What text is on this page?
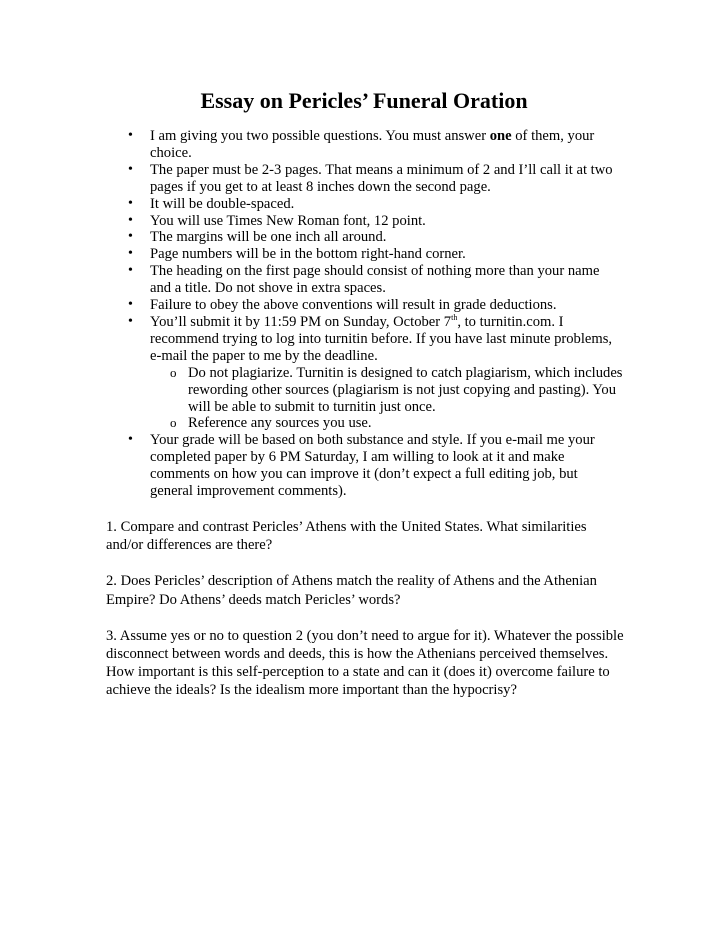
Essay on Pericles’ Funeral Oration
•	I am giving you two possible questions. You must answer one of them, your choice.
•	The paper must be 2-3 pages. That means a minimum of 2 and I’ll call it at two pages if you get to at least 8 inches down the second page.
•	It will be double-spaced.
•	You will use Times New Roman font, 12 point.
•	The margins will be one inch all around.
•	Page numbers will be in the bottom right-hand corner.
•	The heading on the first page should consist of nothing more than your name and a title. Do not shove in extra spaces.
•	Failure to obey the above conventions will result in grade deductions.
•	You’ll submit it by 11:59 PM on Sunday, October 7th, to turnitin.com. I recommend trying to log into turnitin before. If you have last minute problems, e-mail the paper to me by the deadline.
o Do not plagiarize. Turnitin is designed to catch plagiarism, which includes rewording other sources (plagiarism is not just copying and pasting). You will be able to submit to turnitin just once.
o Reference any sources you use.
•	Your grade will be based on both substance and style. If you e-mail me your completed paper by 6 PM Saturday, I am willing to look at it and make comments on how you can improve it (don’t expect a full editing job, but general improvement comments).

1. Compare and contrast Pericles’ Athens with the United States. What similarities and/or differences are there?

2. Does Pericles’ description of Athens match the reality of Athens and the Athenian Empire? Do Athens’ deeds match Pericles’ words?

3. Assume yes or no to question 2 (you don’t need to argue for it). Whatever the possible disconnect between words and deeds, this is how the Athenians perceived themselves. How important is this self-perception to a state and can it (does it) overcome failure to achieve the ideals? Is the idealism more important than the hypocrisy?
